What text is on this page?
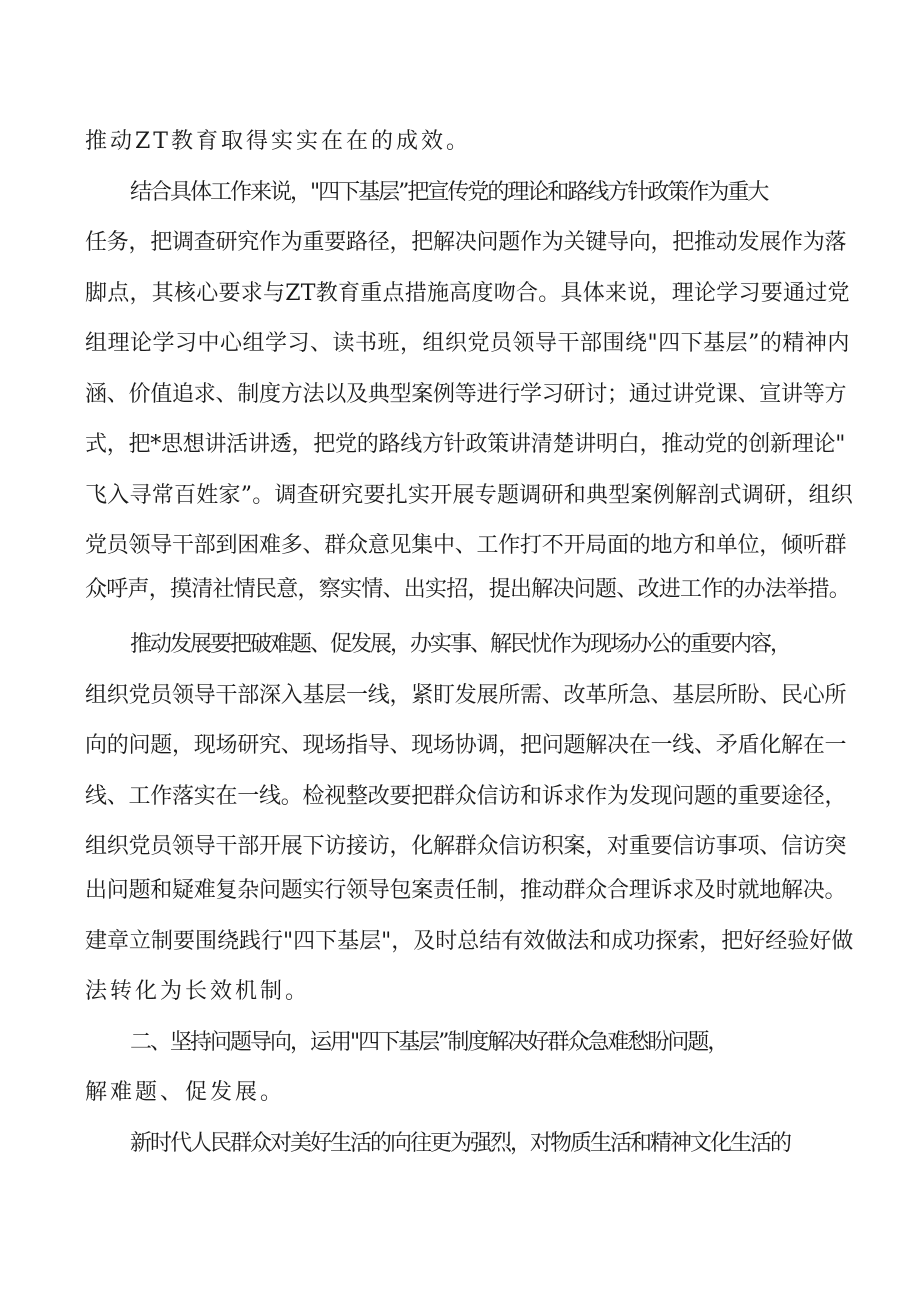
推动ZT教育取得实实在在的成效。
结合具体工作来说，"四下基层”把宣传党的理论和路线方针政策作为重大
任务，把调查研究作为重要路径，把解决问题作为关键导向，把推动发展作为落
脚点，其核心要求与ZT教育重点措施高度吻合。具体来说，理论学习要通过党
组理论学习中心组学习、读书班，组织党员领导干部围绕"四下基层”的精神内
涵、价值追求、制度方法以及典型案例等进行学习研讨；通过讲党课、宣讲等方
式，把*思想讲活讲透，把党的路线方针政策讲清楚讲明白，推动党的创新理论"
飞入寻常百姓家”。调查研究要扎实开展专题调研和典型案例解剖式调研，组织
党员领导干部到困难多、群众意见集中、工作打不开局面的地方和单位，倾听群
众呼声，摸清社情民意，察实情、出实招，提出解决问题、改进工作的办法举措。
推动发展要把破难题、促发展，办实事、解民忧作为现场办公的重要内容，
组织党员领导干部深入基层一线，紧盯发展所需、改革所急、基层所盼、民心所
向的问题，现场研究、现场指导、现场协调，把问题解决在一线、矛盾化解在一
线、工作落实在一线。检视整改要把群众信访和诉求作为发现问题的重要途径，
组织党员领导干部开展下访接访，化解群众信访积案，对重要信访事项、信访突
出问题和疑难复杂问题实行领导包案责任制，推动群众合理诉求及时就地解决。
建章立制要围绕践行"四下基层"，及时总结有效做法和成功探索，把好经验好做
法转化为长效机制。
二、坚持问题导向，运用"四下基层”制度解决好群众急难愁盼问题，
解难题、促发展。
新时代人民群众对美好生活的向往更为强烈，对物质生活和精神文化生活的
